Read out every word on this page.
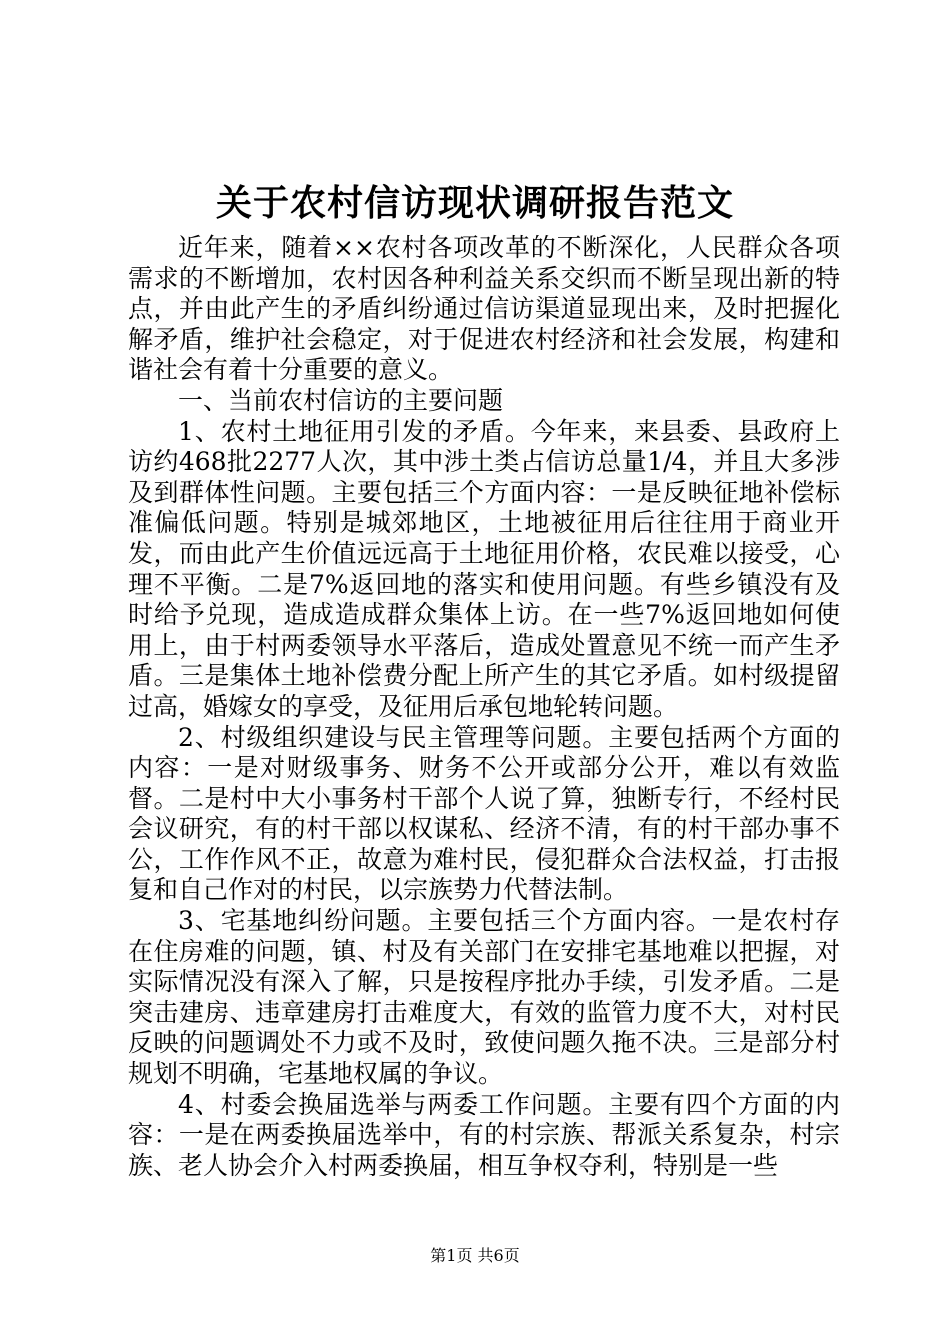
关于农村信访现状调研报告范文

近年来，随着××农村各项改革的不断深化，人民群众各项需求的不断增加，农村因各种利益关系交织而不断呈现出新的特点，并由此产生的矛盾纠纷通过信访渠道显现出来，及时把握化解矛盾，维护社会稳定，对于促进农村经济和社会发展，构建和谐社会有着十分重要的意义。

一、当前农村信访的主要问题

1、农村土地征用引发的矛盾。今年来，来县委、县政府上访约468批2277人次，其中涉土类占信访总量1/4，并且大多涉及到群体性问题。主要包括三个方面内容：一是反映征地补偿标准偏低问题。特别是城郊地区，土地被征用后往往用于商业开发，而由此产生价值远远高于土地征用价格，农民难以接受，心理不平衡。二是7%返回地的落实和使用问题。有些乡镇没有及时给予兑现，造成造成群众集体上访。在一些7%返回地如何使用上，由于村两委领导水平落后，造成处置意见不统一而产生矛盾。三是集体土地补偿费分配上所产生的其它矛盾。如村级提留过高，婚嫁女的享受，及征用后承包地轮转问题。

2、村级组织建设与民主管理等问题。主要包括两个方面的内容：一是对财级事务、财务不公开或部分公开，难以有效监督。二是村中大小事务村干部个人说了算，独断专行，不经村民会议研究，有的村干部以权谋私、经济不清，有的村干部办事不公，工作作风不正，故意为难村民，侵犯群众合法权益，打击报复和自己作对的村民，以宗族势力代替法制。

3、宅基地纠纷问题。主要包括三个方面内容。一是农村存在住房难的问题，镇、村及有关部门在安排宅基地难以把握，对实际情况没有深入了解，只是按程序批办手续，引发矛盾。二是突击建房、违章建房打击难度大，有效的监管力度不大，对村民反映的问题调处不力或不及时，致使问题久拖不决。三是部分村规划不明确，宅基地权属的争议。

4、村委会换届选举与两委工作问题。主要有四个方面的内容：一是在两委换届选举中，有的村宗族、帮派关系复杂，村宗族、老人协会介入村两委换届，相互争权夺利，特别是一些

第1页 共6页
